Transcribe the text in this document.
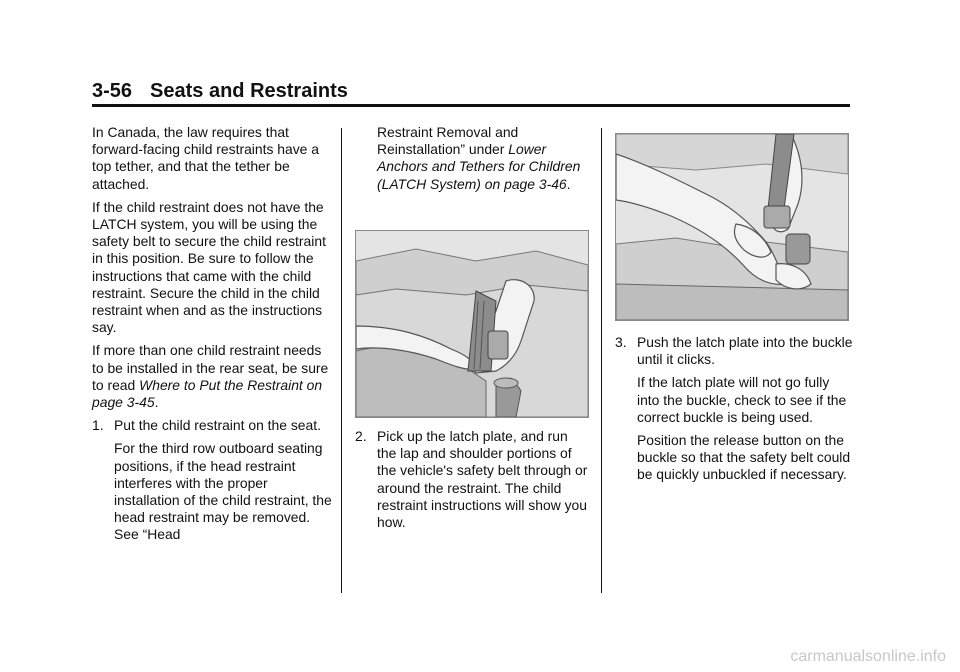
3-56 Seats and Restraints

In Canada, the law requires that forward-facing child restraints have a top tether, and that the tether be attached.

If the child restraint does not have the LATCH system, you will be using the safety belt to secure the child restraint in this position. Be sure to follow the instructions that came with the child restraint. Secure the child in the child restraint when and as the instructions say.

If more than one child restraint needs to be installed in the rear seat, be sure to read Where to Put the Restraint on page 3-45.

1. Put the child restraint on the seat.

For the third row outboard seating positions, if the head restraint interferes with the proper installation of the child restraint, the head restraint may be removed. See “Head

Restraint Removal and Reinstallation” under Lower Anchors and Tethers for Children (LATCH System) on page 3-46.

2. Pick up the latch plate, and run the lap and shoulder portions of the vehicle's safety belt through or around the restraint. The child restraint instructions will show you how.
3. Push the latch plate into the buckle until it clicks.

If the latch plate will not go fully into the buckle, check to see if the correct buckle is being used.

Position the release button on the buckle so that the safety belt could be quickly unbuckled if necessary.

carmanualsonline.info
